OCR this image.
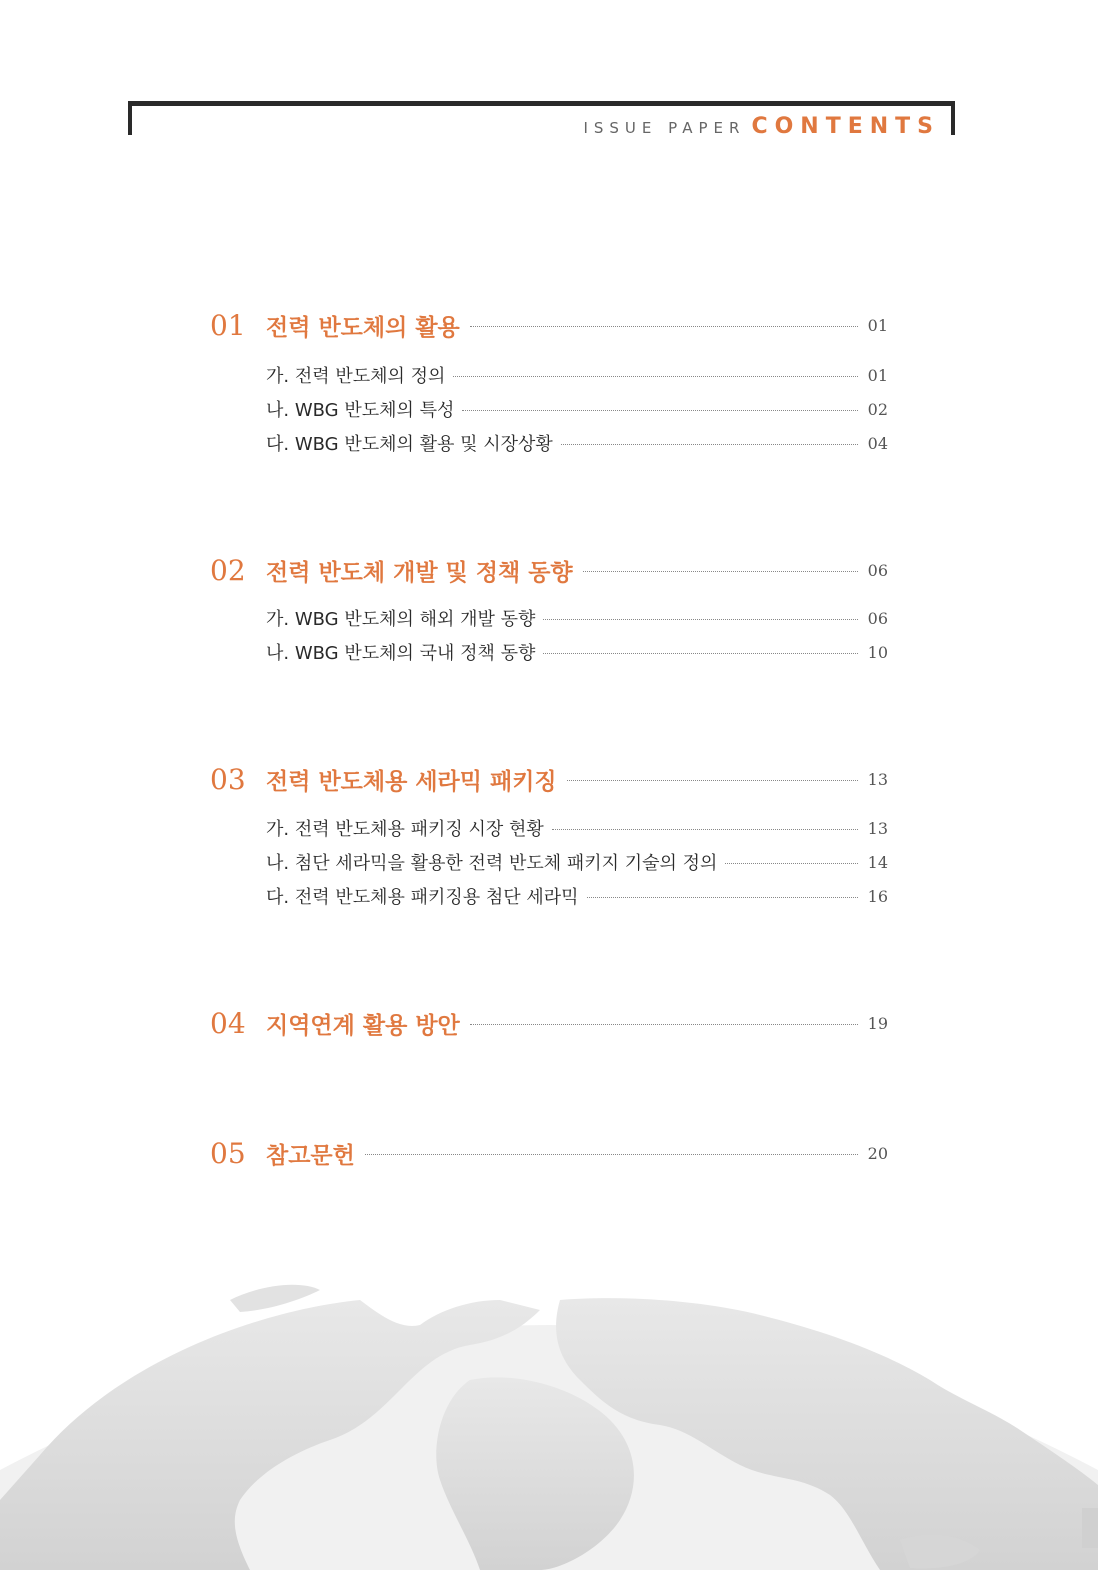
ISSUE PAPER CONTENTS
01 전력 반도체의 활용	01
가. 전력 반도체의 정의	01
나. WBG 반도체의 특성	02
다. WBG 반도체의 활용 및 시장상황	04
02 전력 반도체 개발 및 정책 동향	06
가. WBG 반도체의 해외 개발 동향	06
나. WBG 반도체의 국내 정책 동향	10
03 전력 반도체용 세라믹 패키징	13
가. 전력 반도체용 패키징 시장 현황	13
나. 첨단 세라믹을 활용한 전력 반도체 패키지 기술의 정의	14
다. 전력 반도체용 패키징용 첨단 세라믹	16
04 지역연계 활용 방안	19
05 참고문헌	20
